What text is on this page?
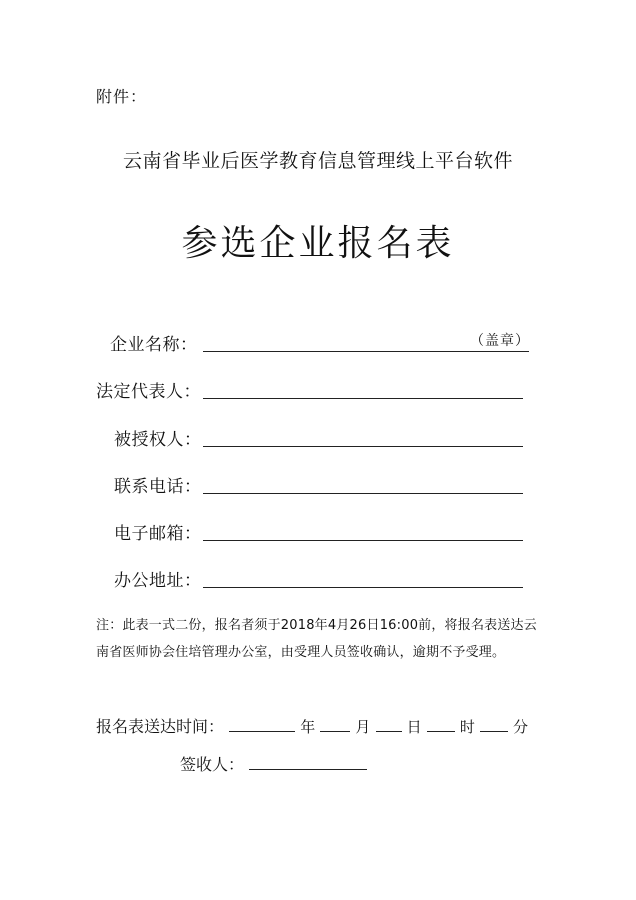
附件：
云南省毕业后医学教育信息管理线上平台软件
参选企业报名表
企业名称：	（盖章）
法定代表人：
被授权人：
联系电话：
电子邮箱：
办公地址：
注：此表一式二份，报名者须于2018年4月26日16:00前，将报名表送达云南省医师协会住培管理办公室，由受理人员签收确认，逾期不予受理。
报名表送达时间：	年	月 日	时	分
签收人：
